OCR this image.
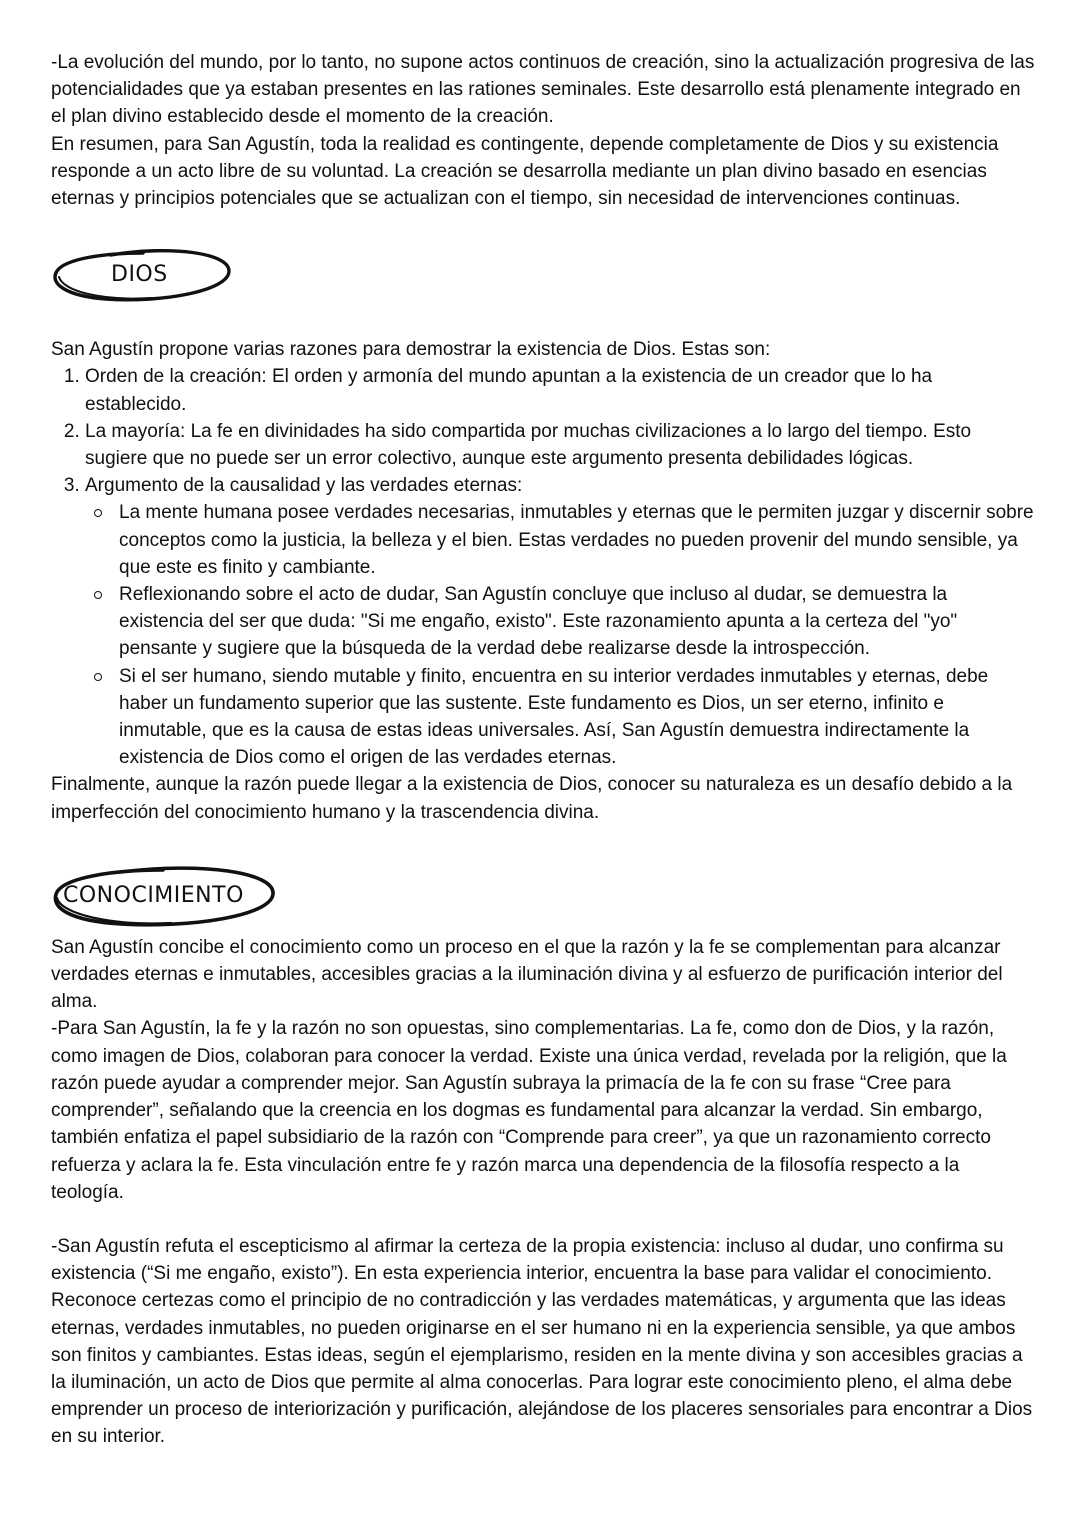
-La evolución del mundo, por lo tanto, no supone actos continuos de creación, sino la actualización progresiva de las potencialidades que ya estaban presentes en las rationes seminales. Este desarrollo está plenamente integrado en el plan divino establecido desde el momento de la creación.

En resumen, para San Agustín, toda la realidad es contingente, depende completamente de Dios y su existencia responde a un acto libre de su voluntad. La creación se desarrolla mediante un plan divino basado en esencias eternas y principios potenciales que se actualizan con el tiempo, sin necesidad de intervenciones continuas.

DIOS

San Agustín propone varias razones para demostrar la existencia de Dios. Estas son:

1. Orden de la creación: El orden y armonía del mundo apuntan a la existencia de un creador que lo ha establecido.
2. La mayoría: La fe en divinidades ha sido compartida por muchas civilizaciones a lo largo del tiempo. Esto sugiere que no puede ser un error colectivo, aunque este argumento presenta debilidades lógicas.
3. Argumento de la causalidad y las verdades eternas:
La mente humana posee verdades necesarias, inmutables y eternas que le permiten juzgar y discernir sobre conceptos como la justicia, la belleza y el bien. Estas verdades no pueden provenir del mundo sensible, ya que este es finito y cambiante.
Reflexionando sobre el acto de dudar, San Agustín concluye que incluso al dudar, se demuestra la existencia del ser que duda: "Si me engaño, existo". Este razonamiento apunta a la certeza del "yo" pensante y sugiere que la búsqueda de la verdad debe realizarse desde la introspección.
Si el ser humano, siendo mutable y finito, encuentra en su interior verdades inmutables y eternas, debe haber un fundamento superior que las sustente. Este fundamento es Dios, un ser eterno, infinito e inmutable, que es la causa de estas ideas universales. Así, San Agustín demuestra indirectamente la existencia de Dios como el origen de las verdades eternas.

Finalmente, aunque la razón puede llegar a la existencia de Dios, conocer su naturaleza es un desafío debido a la imperfección del conocimiento humano y la trascendencia divina.

CONOCIMIENTO

San Agustín concibe el conocimiento como un proceso en el que la razón y la fe se complementan para alcanzar verdades eternas e inmutables, accesibles gracias a la iluminación divina y al esfuerzo de purificación interior del alma.

-Para San Agustín, la fe y la razón no son opuestas, sino complementarias. La fe, como don de Dios, y la razón, como imagen de Dios, colaboran para conocer la verdad. Existe una única verdad, revelada por la religión, que la razón puede ayudar a comprender mejor. San Agustín subraya la primacía de la fe con su frase “Cree para comprender”, señalando que la creencia en los dogmas es fundamental para alcanzar la verdad. Sin embargo, también enfatiza el papel subsidiario de la razón con “Comprende para creer”, ya que un razonamiento correcto refuerza y aclara la fe. Esta vinculación entre fe y razón marca una dependencia de la filosofía respecto a la teología.

-San Agustín refuta el escepticismo al afirmar la certeza de la propia existencia: incluso al dudar, uno confirma su existencia (“Si me engaño, existo”). En esta experiencia interior, encuentra la base para validar el conocimiento. Reconoce certezas como el principio de no contradicción y las verdades matemáticas, y argumenta que las ideas eternas, verdades inmutables, no pueden originarse en el ser humano ni en la experiencia sensible, ya que ambos son finitos y cambiantes. Estas ideas, según el ejemplarismo, residen en la mente divina y son accesibles gracias a la iluminación, un acto de Dios que permite al alma conocerlas. Para lograr este conocimiento pleno, el alma debe emprender un proceso de interiorización y purificación, alejándose de los placeres sensoriales para encontrar a Dios en su interior.
